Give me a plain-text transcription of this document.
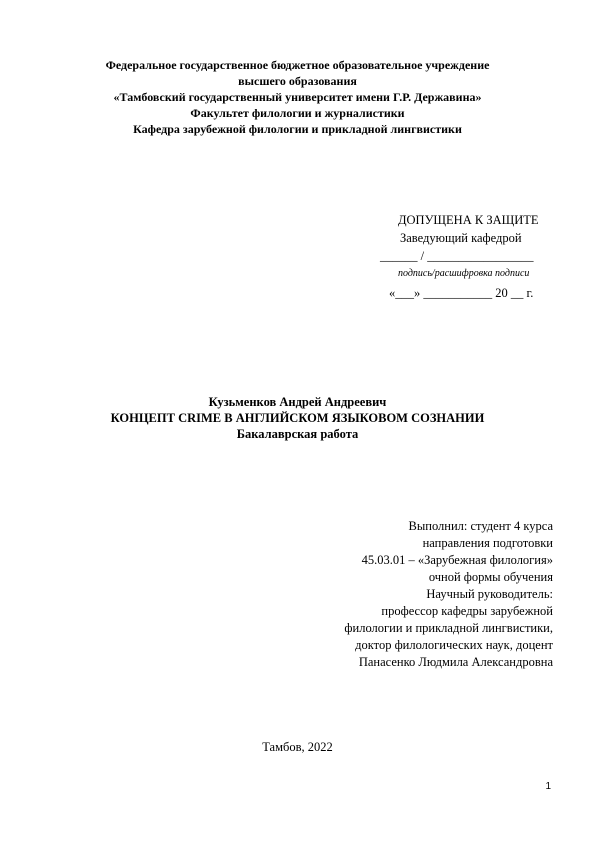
Федеральное государственное бюджетное образовательное учреждение
высшего образования
«Тамбовский государственный университет имени Г.Р. Державина»
Факультет филологии и журналистики
Кафедра зарубежной филологии и прикладной лингвистики
ДОПУЩЕНА К ЗАЩИТЕ
Заведующий кафедрой
______ / _________________
подпись/расшифровка подписи
«___» ___________ 20 __ г.
Кузьменков Андрей Андреевич
КОНЦЕПТ CRIME В АНГЛИЙСКОМ ЯЗЫКОВОМ СОЗНАНИИ
Бакалаврская работа
Выполнил: студент 4 курса
направления подготовки
45.03.01 – «Зарубежная филология»
очной формы обучения
Научный руководитель:
профессор кафедры зарубежной
филологии и прикладной лингвистики,
доктор филологических наук, доцент
Панасенко Людмила Александровна
Тамбов, 2022
1
